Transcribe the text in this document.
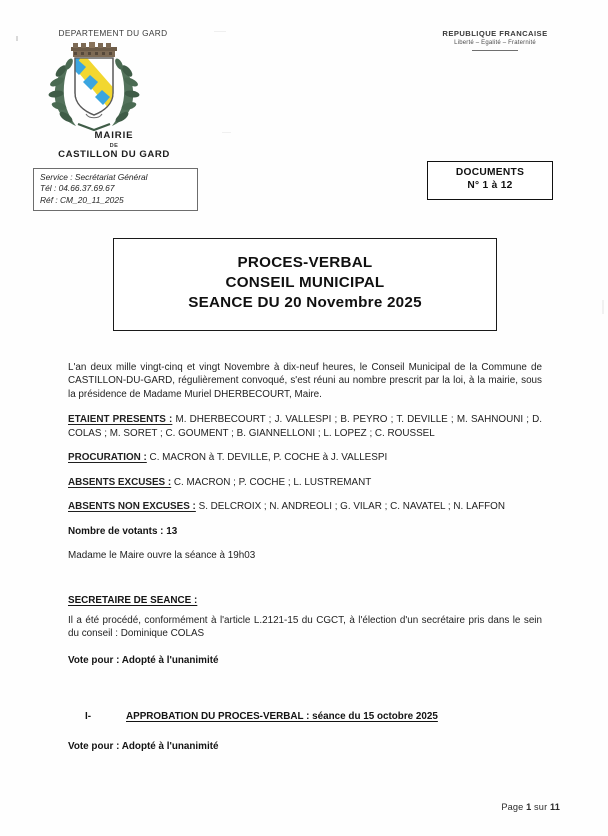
DEPARTEMENT DU GARD
MAIRIE
DE
CASTILLON DU GARD
Service : Secrétariat Général
Tél : 04.66.37.69.67
Réf : CM_20_11_2025
REPUBLIQUE FRANCAISE
Liberté – Egalité – Fraternité
DOCUMENTS
N° 1 à 12
PROCES-VERBAL
CONSEIL MUNICIPAL
SEANCE DU 20 Novembre 2025

L'an deux mille vingt-cinq et vingt Novembre à dix-neuf heures, le Conseil Municipal de la Commune de CASTILLON-DU-GARD, régulièrement convoqué, s'est réuni au nombre prescrit par la loi, à la mairie, sous la présidence de Madame Muriel DHERBECOURT, Maire.

ETAIENT PRESENTS : M. DHERBECOURT ; J. VALLESPI ; B. PEYRO ; T. DEVILLE ; M. SAHNOUNI ; D. COLAS ; M. SORET ; C. GOUMENT ; B. GIANNELLONI ; L. LOPEZ ; C. ROUSSEL

PROCURATION : C. MACRON à T. DEVILLE, P. COCHE à J. VALLESPI

ABSENTS EXCUSES : C. MACRON ; P. COCHE ; L. LUSTREMANT

ABSENTS NON EXCUSES : S. DELCROIX ; N. ANDREOLI ; G. VILAR ; C. NAVATEL ; N. LAFFON

Nombre de votants : 13

Madame le Maire ouvre la séance à 19h03

SECRETAIRE DE SEANCE :

Il a été procédé, conformément à l'article L.2121-15 du CGCT, à l'élection d'un secrétaire pris dans le sein du conseil : Dominique COLAS

Vote pour : Adopté à l'unanimité

I-	APPROBATION DU PROCES-VERBAL : séance du 15 octobre 2025

Vote pour : Adopté à l'unanimité

Page 1 sur 11
